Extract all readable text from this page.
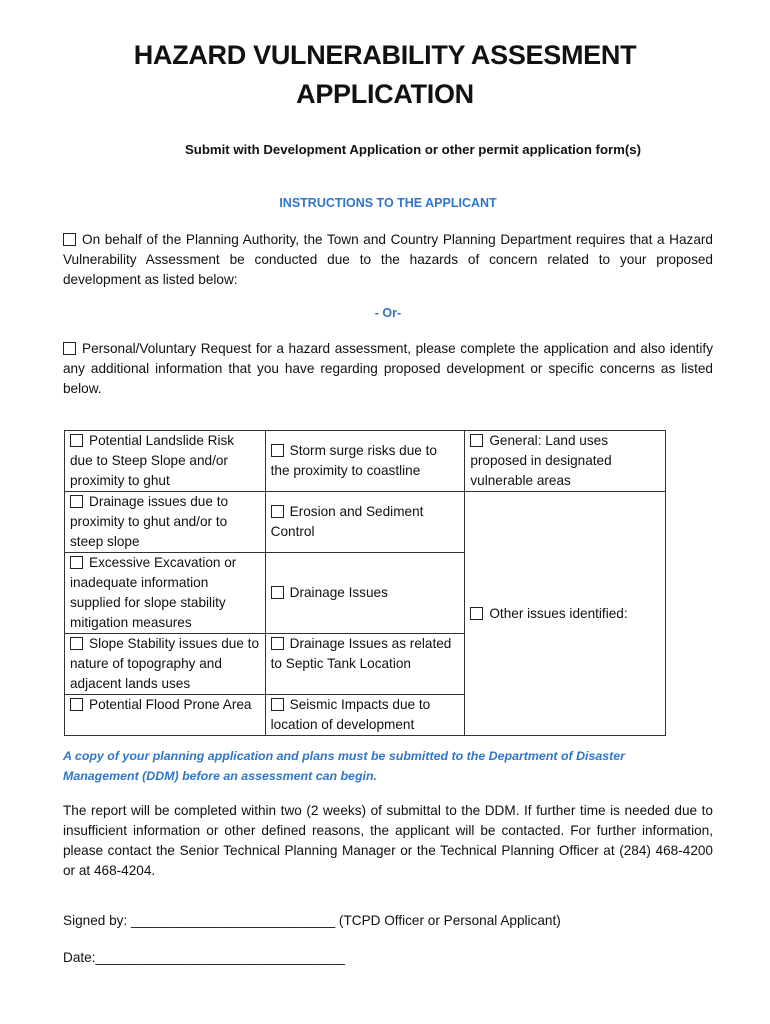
HAZARD VULNERABILITY ASSESMENT
APPLICATION
Submit with Development Application or other permit application form(s)
INSTRUCTIONS TO THE APPLICANT
On behalf of the Planning Authority, the Town and Country Planning Department requires that a Hazard Vulnerability Assessment be conducted due to the hazards of concern related to your proposed development as listed below:
- Or-
Personal/Voluntary Request for a hazard assessment, please complete the application and also identify any additional information that you have regarding proposed development or specific concerns as listed below.
Potential Landslide Risk due to Steep Slope and/or proximity to ghut	Storm surge risks due to the proximity to coastline	General: Land uses proposed in designated vulnerable areas
Drainage issues due to proximity to ghut and/or to steep slope	Erosion and Sediment Control	Other issues identified:
Excessive Excavation or inadequate information supplied for slope stability mitigation measures	Drainage Issues	
Slope Stability issues due to nature of topography and adjacent lands uses	Drainage Issues as related to Septic Tank Location	
Potential Flood Prone Area	Seismic Impacts due to location of development	
A copy of your planning application and plans must be submitted to the Department of Disaster Management (DDM) before an assessment can begin.
The report will be completed within two (2 weeks) of submittal to the DDM. If further time is needed due to insufficient information or other defined reasons, the applicant will be contacted. For further information, please contact the Senior Technical Planning Manager or the Technical Planning Officer at (284) 468-4200 or at 468-4204.
Signed by: ___________________________ (TCPD Officer or Personal Applicant)
Date:_________________________________
